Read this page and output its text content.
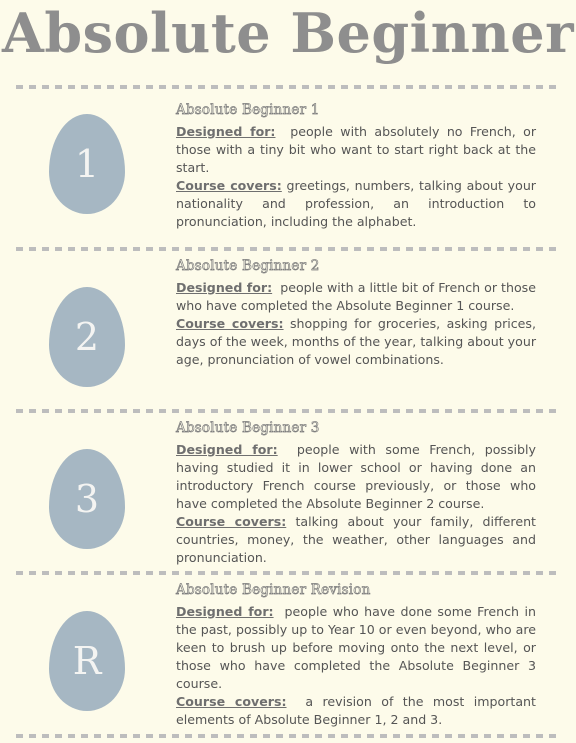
Absolute Beginner
1
Absolute Beginner 1

Designed for: people with absolutely no French, or those with a tiny bit who want to start right back at the start.

Course covers: greetings, numbers, talking about your nationality and profession, an introduction to pronunciation, including the alphabet.

2
Absolute Beginner 2

Designed for: people with a little bit of French or those who have completed the Absolute Beginner 1 course.

Course covers: shopping for groceries, asking prices, days of the week, months of the year, talking about your age, pronunciation of vowel combinations.

3
Absolute Beginner 3

Designed for: people with some French, possibly having studied it in lower school or having done an introductory French course previously, or those who have completed the Absolute Beginner 2 course.

Course covers: talking about your family, different countries, money, the weather, other languages and pronunciation.

R
Absolute Beginner Revision

Designed for: people who have done some French in the past, possibly up to Year 10 or even beyond, who are keen to brush up before moving onto the next level, or those who have completed the Absolute Beginner 3 course.

Course covers: a revision of the most important elements of Absolute Beginner 1, 2 and 3.
